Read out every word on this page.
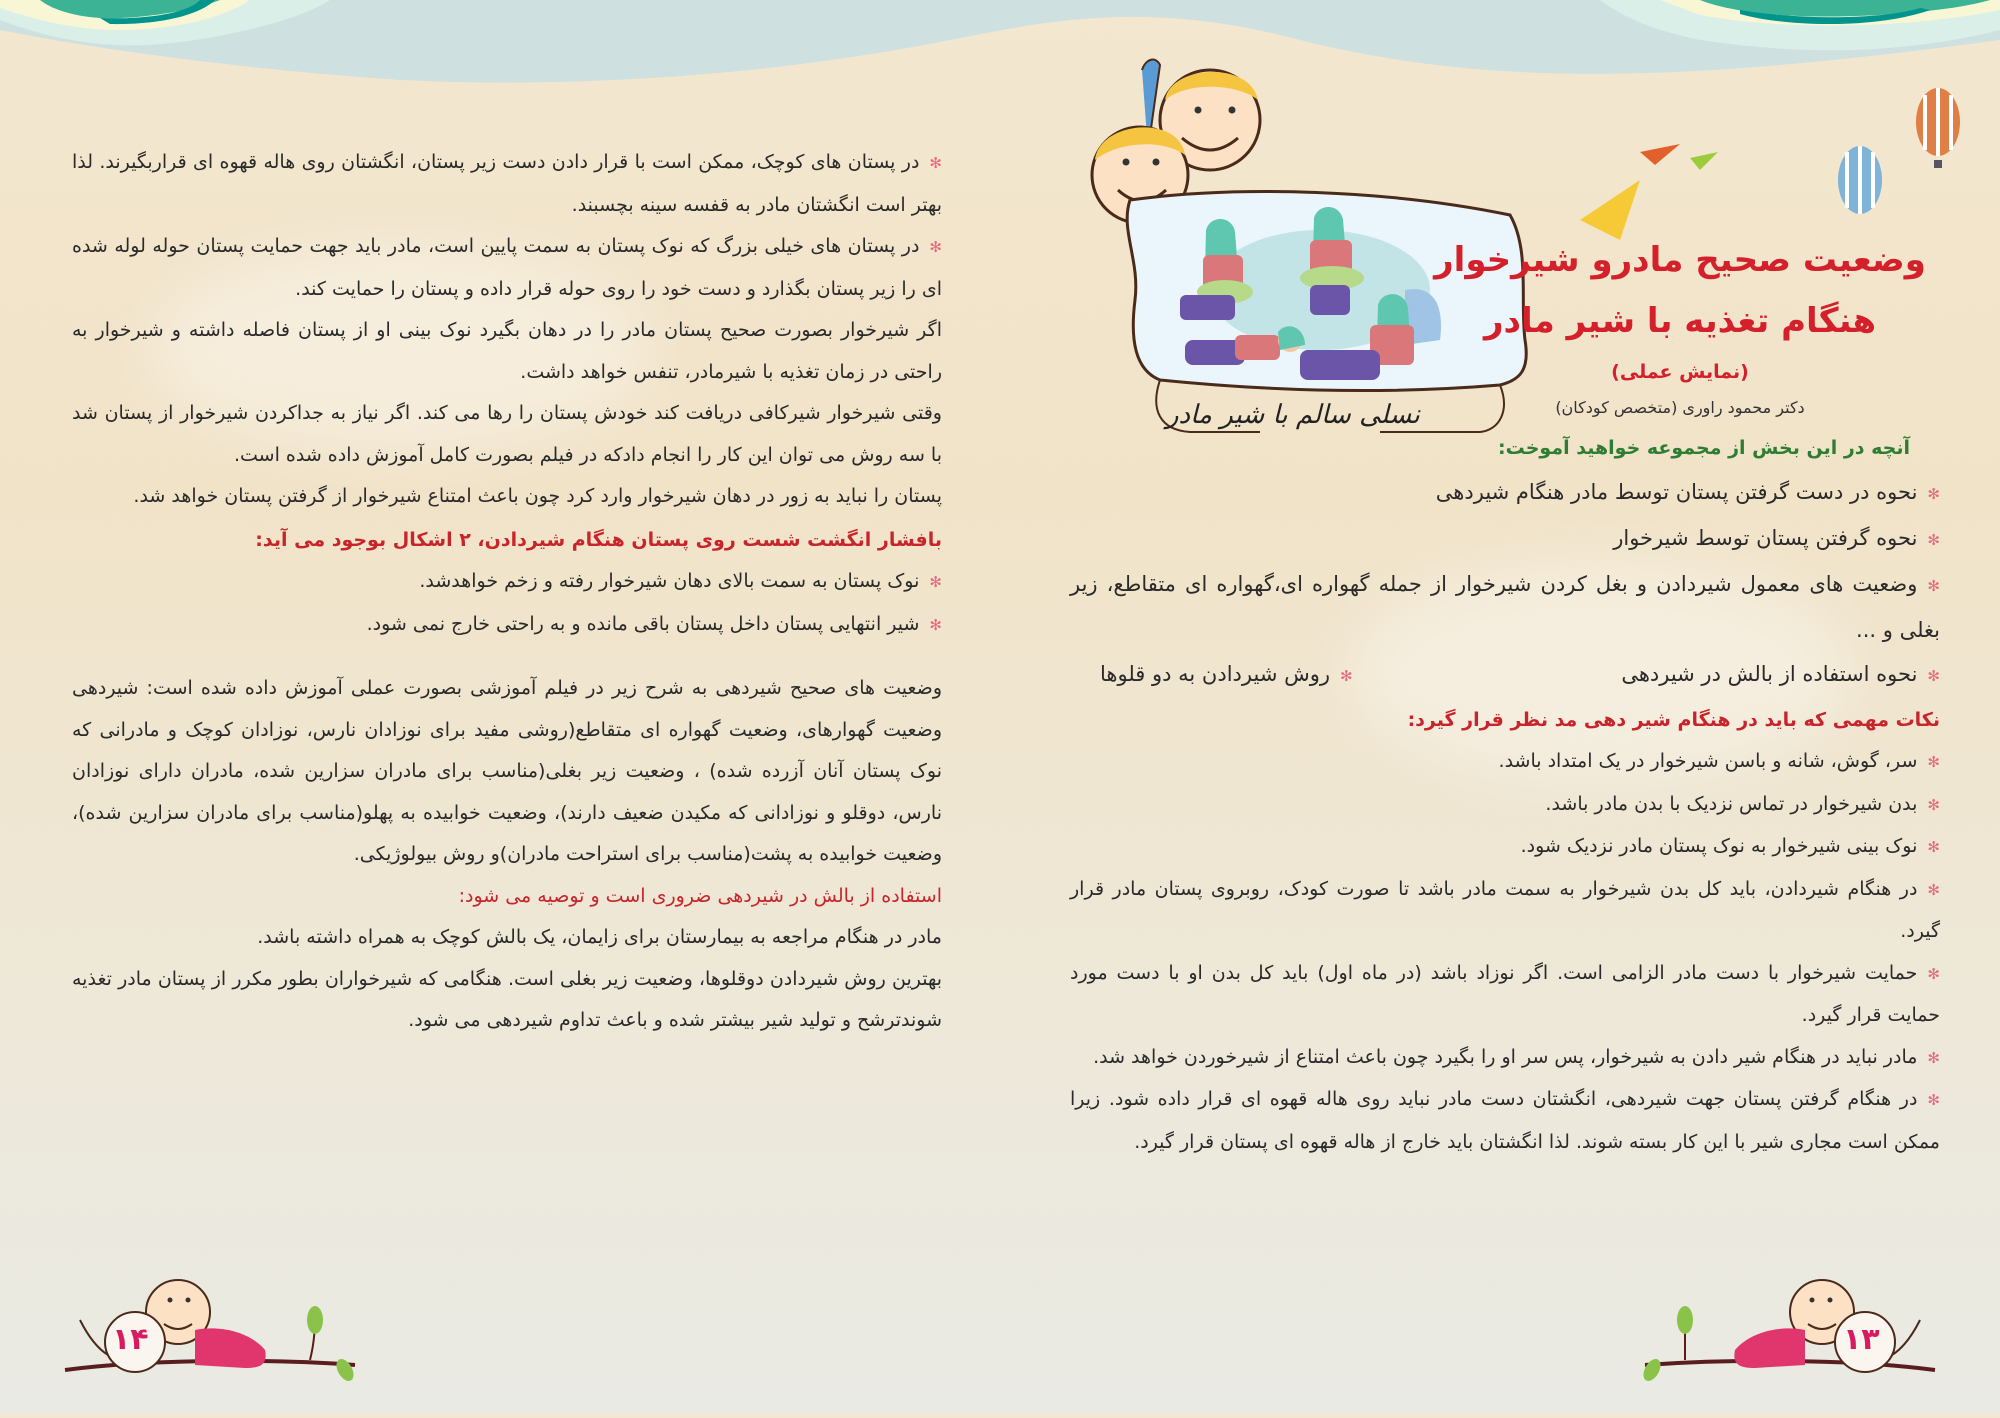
✻ در پستان های کوچک، ممکن است با قرار دادن دست زیر پستان، انگشتان روی هاله قهوه ای قراربگیرند. لذا بهتر است انگشتان مادر به قفسه سینه بچسبند.

✻ در پستان های خیلی بزرگ که نوک پستان به سمت پایین است، مادر باید جهت حمایت پستان حوله لوله شده ای را زیر پستان بگذارد و دست خود را روی حوله قرار داده و پستان را حمایت کند.

اگر شیرخوار بصورت صحیح پستان مادر را در دهان بگیرد نوک بینی او از پستان فاصله داشته و شیرخوار به راحتی در زمان تغذیه با شیرمادر، تنفس خواهد داشت.

وقتی شیرخوار شیرکافی دریافت کند خودش پستان را رها می کند. اگر نیاز به جداکردن شیرخوار از پستان شد با سه روش می توان این کار را انجام دادکه در فیلم بصورت کامل آموزش داده شده است.

پستان را نباید به زور در دهان شیرخوار وارد کرد چون باعث امتناع شیرخوار از گرفتن پستان خواهد شد.

بافشار انگشت شست روی پستان هنگام شیردادن، ۲ اشکال بوجود می آید:

✻ نوک پستان به سمت بالای دهان شیرخوار رفته و زخم خواهدشد.

✻ شیر انتهایی پستان داخل پستان باقی مانده و به راحتی خارج نمی شود.

وضعیت های صحیح شیردهی به شرح زیر در فیلم آموزشی بصورت عملی آموزش داده شده است: شیردهی وضعیت گهوارهای، وضعیت گهواره ای متقاطع(روشی مفید برای نوزادان نارس، نوزادان کوچک و مادرانی که نوک پستان آنان آزرده شده) ، وضعیت زیر بغلی(مناسب برای مادران سزارین شده، مادران دارای نوزادان نارس، دوقلو و نوزادانی که مکیدن ضعیف دارند)، وضعیت خوابیده به پهلو(مناسب برای مادران سزارین شده)، وضعیت خوابیده به پشت(مناسب برای استراحت مادران)و روش بیولوژیکی.

استفاده از بالش در شیردهی ضروری است و توصیه می شود:

مادر در هنگام مراجعه به بیمارستان برای زایمان، یک بالش کوچک به همراه داشته باشد.

بهترین روش شیردادن دوقلوها، وضعیت زیر بغلی است. هنگامی که شیرخواران بطور مکرر از پستان مادر تغذیه شوندترشح و تولید شیر بیشتر شده و باعث تداوم شیردهی می شود.

۱۴
نسلی سالم با شیر مادر
وضعیت صحیح مادرو شیرخوار
هنگام تغذیه با شیر مادر
(نمایش عملی)
دکتر محمود راوری (متخصص کودکان)

آنچه در این بخش از مجموعه خواهید آموخت:

✻ نحوه در دست گرفتن پستان توسط مادر هنگام شیردهی

✻ نحوه گرفتن پستان توسط شیرخوار

✻ وضعیت های معمول شیردادن و بغل کردن شیرخوار از جمله گهواره ای،گهواره ای متقاطع، زیر بغلی و ...

✻ نحوه استفاده از بالش در شیردهی
✻ روش شیردادن به دو قلوها

نکات مهمی که باید در هنگام شیر دهی مد نظر قرار گیرد:

✻ سر، گوش، شانه و باسن شیرخوار در یک امتداد باشد.

✻ بدن شیرخوار در تماس نزدیک با بدن مادر باشد.

✻ نوک بینی شیرخوار به نوک پستان مادر نزدیک شود.

✻ در هنگام شیردادن، باید کل بدن شیرخوار به سمت مادر باشد تا صورت کودک، روبروی پستان مادر قرار گیرد.

✻ حمایت شیرخوار با دست مادر الزامی است. اگر نوزاد باشد (در ماه اول) باید کل بدن او با دست مورد حمایت قرار گیرد.

✻ مادر نباید در هنگام شیر دادن به شیرخوار، پس سر او را بگیرد چون باعث امتناع از شیرخوردن خواهد شد.

✻ در هنگام گرفتن پستان جهت شیردهی، انگشتان دست مادر نباید روی هاله قهوه ای قرار داده شود. زیرا ممکن است مجاری شیر با این کار بسته شوند. لذا انگشتان باید خارج از هاله قهوه ای پستان قرار گیرد.

۱۳
